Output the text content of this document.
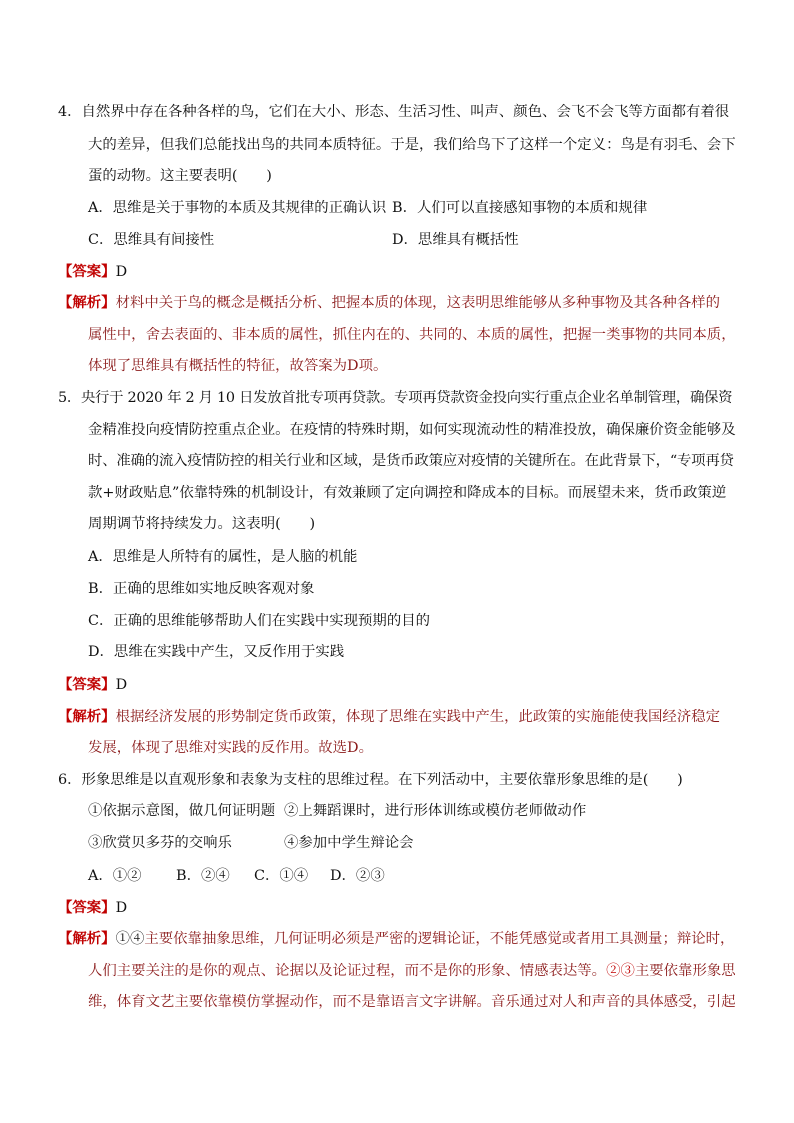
4．自然界中存在各种各样的鸟，它们在大小、形态、生活习性、叫声、颜色、会飞不会飞等方面都有着很
大的差异，但我们总能找出鸟的共同本质特征。于是，我们给鸟下了这样一个定义：鸟是有羽毛、会下
蛋的动物。这主要表明(　　)
A．思维是关于事物的本质及其规律的正确认识 B．人们可以直接感知事物的本质和规律
C．思维具有间接性	D．思维具有概括性
【答案】D
【解析】材料中关于鸟的概念是概括分析、把握本质的体现，这表明思维能够从多种事物及其各种各样的
属性中，舍去表面的、非本质的属性，抓住内在的、共同的、本质的属性，把握一类事物的共同本质，
体现了思维具有概括性的特征，故答案为D项。
5．央行于 2020 年 2 月 10 日发放首批专项再贷款。专项再贷款资金投向实行重点企业名单制管理，确保资
金精准投向疫情防控重点企业。在疫情的特殊时期，如何实现流动性的精准投放，确保廉价资金能够及
时、准确的流入疫情防控的相关行业和区域，是货币政策应对疫情的关键所在。在此背景下，“专项再贷
款+财政贴息”依靠特殊的机制设计，有效兼顾了定向调控和降成本的目标。而展望未来，货币政策逆
周期调节将持续发力。这表明(　　)
A．思维是人所特有的属性，是人脑的机能
B．正确的思维如实地反映客观对象
C．正确的思维能够帮助人们在实践中实现预期的目的
D．思维在实践中产生，又反作用于实践
【答案】D
【解析】根据经济发展的形势制定货币政策，体现了思维在实践中产生，此政策的实施能使我国经济稳定
发展，体现了思维对实践的反作用。故选D。
6．形象思维是以直观形象和表象为支柱的思维过程。在下列活动中，主要依靠形象思维的是(　　)
①依据示意图，做几何证明题 ②上舞蹈课时，进行形体训练或模仿老师做动作
③欣赏贝多芬的交响乐	④参加中学生辩论会
A．①② B．②④ C．①④ D．②③
【答案】D
【解析】①④主要依靠抽象思维，几何证明必须是严密的逻辑论证，不能凭感觉或者用工具测量；辩论时，
人们主要关注的是你的观点、论据以及论证过程，而不是你的形象、情感表达等。②③主要依靠形象思
维，体育文艺主要依靠模仿掌握动作，而不是靠语言文字讲解。音乐通过对人和声音的具体感受，引起
